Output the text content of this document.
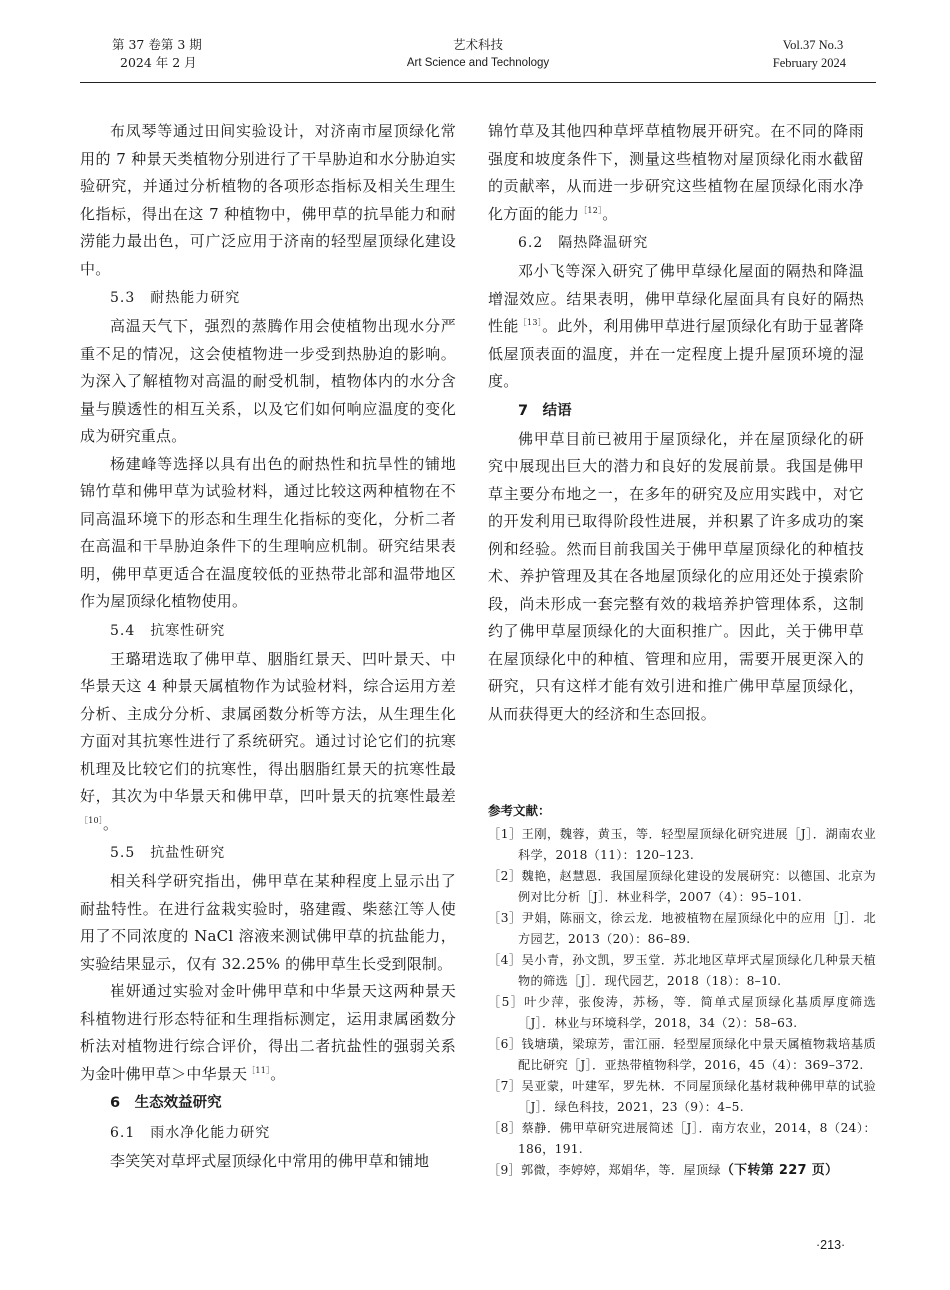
第 37 卷第 3 期
2024 年 2 月
艺术科技
Art Science and Technology
Vol.37 No.3
February 2024

布凤琴等通过田间实验设计，对济南市屋顶绿化常用的 7 种景天类植物分别进行了干旱胁迫和水分胁迫实验研究，并通过分析植物的各项形态指标及相关生理生化指标，得出在这 7 种植物中，佛甲草的抗旱能力和耐涝能力最出色，可广泛应用于济南的轻型屋顶绿化建设中。

5.3　耐热能力研究

高温天气下，强烈的蒸腾作用会使植物出现水分严重不足的情况，这会使植物进一步受到热胁迫的影响。为深入了解植物对高温的耐受机制，植物体内的水分含量与膜透性的相互关系，以及它们如何响应温度的变化成为研究重点。

杨建峰等选择以具有出色的耐热性和抗旱性的铺地锦竹草和佛甲草为试验材料，通过比较这两种植物在不同高温环境下的形态和生理生化指标的变化，分析二者在高温和干旱胁迫条件下的生理响应机制。研究结果表明，佛甲草更适合在温度较低的亚热带北部和温带地区作为屋顶绿化植物使用。

5.4　抗寒性研究

王璐珺选取了佛甲草、胭脂红景天、凹叶景天、中华景天这 4 种景天属植物作为试验材料，综合运用方差分析、主成分分析、隶属函数分析等方法，从生理生化方面对其抗寒性进行了系统研究。通过讨论它们的抗寒机理及比较它们的抗寒性，得出胭脂红景天的抗寒性最好，其次为中华景天和佛甲草，凹叶景天的抗寒性最差$^{[10]}$。

5.5　抗盐性研究

相关科学研究指出，佛甲草在某种程度上显示出了耐盐特性。在进行盆栽实验时，骆建霞、柴慈江等人使用了不同浓度的 NaCl 溶液来测试佛甲草的抗盐能力，实验结果显示，仅有 32.25% 的佛甲草生长受到限制。

崔妍通过实验对金叶佛甲草和中华景天这两种景天科植物进行形态特征和生理指标测定，运用隶属函数分析法对植物进行综合评价，得出二者抗盐性的强弱关系为金叶佛甲草＞中华景天$^{[11]}$。

6　生态效益研究

6.1　雨水净化能力研究

李笑笑对草坪式屋顶绿化中常用的佛甲草和铺地

锦竹草及其他四种草坪草植物展开研究。在不同的降雨强度和坡度条件下，测量这些植物对屋顶绿化雨水截留的贡献率，从而进一步研究这些植物在屋顶绿化雨水净化方面的能力$^{[12]}$。

6.2　隔热降温研究

邓小飞等深入研究了佛甲草绿化屋面的隔热和降温增湿效应。结果表明，佛甲草绿化屋面具有良好的隔热性能$^{[13]}$。此外，利用佛甲草进行屋顶绿化有助于显著降低屋顶表面的温度，并在一定程度上提升屋顶环境的湿度。

7　结语

佛甲草目前已被用于屋顶绿化，并在屋顶绿化的研究中展现出巨大的潜力和良好的发展前景。我国是佛甲草主要分布地之一，在多年的研究及应用实践中，对它的开发利用已取得阶段性进展，并积累了许多成功的案例和经验。然而目前我国关于佛甲草屋顶绿化的种植技术、养护管理及其在各地屋顶绿化的应用还处于摸索阶段，尚未形成一套完整有效的栽培养护管理体系，这制约了佛甲草屋顶绿化的大面积推广。因此，关于佛甲草在屋顶绿化中的种植、管理和应用，需要开展更深入的研究，只有这样才能有效引进和推广佛甲草屋顶绿化，从而获得更大的经济和生态回报。

参考文献：

［1］王刚，魏蓉，黄玉，等．轻型屋顶绿化研究进展［J］．湖南农业科学，2018（11）：120–123.

［2］魏艳，赵慧恩．我国屋顶绿化建设的发展研究：以德国、北京为例对比分析［J］．林业科学，2007（4）：95–101.

［3］尹娟，陈丽文，徐云龙．地被植物在屋顶绿化中的应用［J］．北方园艺，2013（20）：86–89.

［4］吴小青，孙文凯，罗玉堂．苏北地区草坪式屋顶绿化几种景天植物的筛选［J］．现代园艺，2018（18）：8–10.

［5］叶少萍，张俊涛，苏杨，等．简单式屋顶绿化基质厚度筛选［J］．林业与环境科学，2018，34（2）：58–63.

［6］钱塘璜，梁琼芳，雷江丽．轻型屋顶绿化中景天属植物栽培基质配比研究［J］．亚热带植物科学，2016，45（4）：369–372.

［7］吴亚蒙，叶建军，罗先林．不同屋顶绿化基材栽种佛甲草的试验［J］．绿色科技，2021，23（9）：4–5.

［8］蔡静．佛甲草研究进展简述［J］．南方农业，2014，8（24）：186，191.

［9］郭微，李婷婷，郑娟华，等．屋顶绿（下转第 227 页）

·213·
